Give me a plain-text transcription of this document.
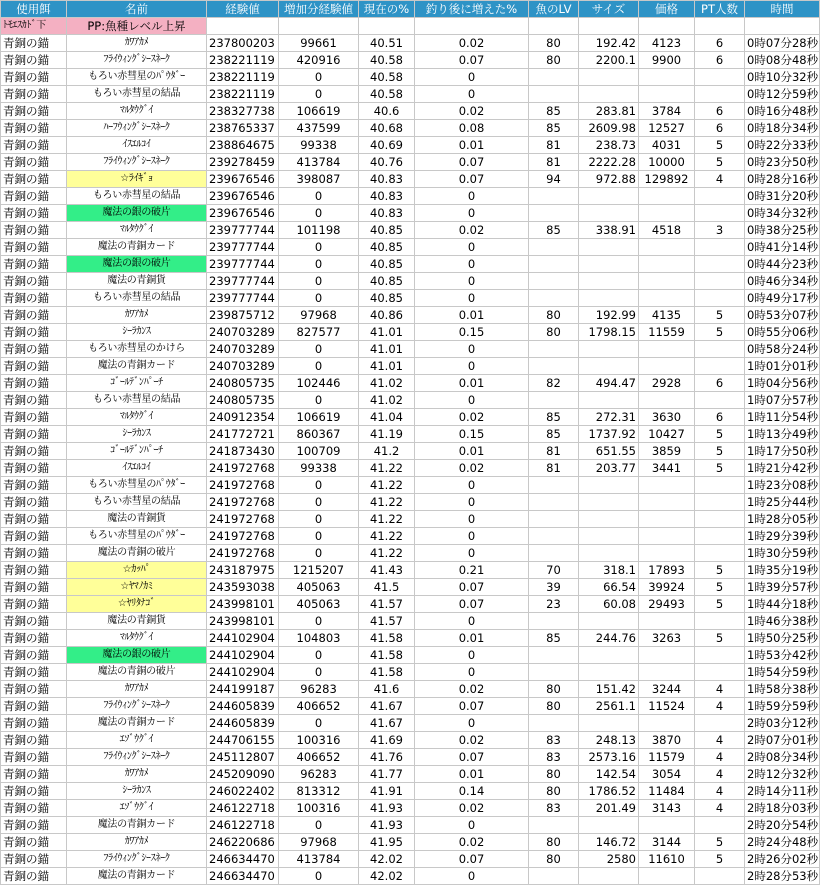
使用餌	名前	経験値	増加分経験値	現在の%	釣り後に増えた%	魚のLV	サイズ	価格	PT人数	時間
ﾄﾓｴｽｶﾄﾞ下	PP:魚種レベル上昇									
青銅の錨	ｶﾜｱｶﾒ	237800203	99661	40.51	0.02	80	192.42	4123	6	0時07分28秒
青銅の錨	ﾌﾗｲｳｨﾝｸﾞｼｰｽﾈｰｸ	238221119	420916	40.58	0.07	80	2200.1	9900	6	0時08分48秒
青銅の錨	もろい赤彗星のﾊﾟｳﾀﾞｰ	238221119	0	40.58	0					0時10分32秒
青銅の錨	もろい赤彗星の結晶	238221119	0	40.58	0					0時12分59秒
青銅の錨	ﾏﾙﾀｳｸﾞｲ	238327738	106619	40.6	0.02	85	283.81	3784	6	0時16分48秒
青銅の錨	ﾊｰﾌｳｨﾝｸﾞｼｰｽﾈｰｸ	238765337	437599	40.68	0.08	85	2609.98	12527	6	0時18分34秒
青銅の錨	ｲｽｴﾙｺｲ	238864675	99338	40.69	0.01	81	238.73	4031	5	0時22分33秒
青銅の錨	ﾌﾗｲｳｨﾝｸﾞｼｰｽﾈｰｸ	239278459	413784	40.76	0.07	81	2222.28	10000	5	0時23分50秒
青銅の錨	☆ﾗｲｷﾞｮ	239676546	398087	40.83	0.07	94	972.88	129892	4	0時28分16秒
青銅の錨	もろい赤彗星の結晶	239676546	0	40.83	0					0時31分20秒
青銅の錨	魔法の銀の破片	239676546	0	40.83	0					0時34分32秒
青銅の錨	ﾏﾙﾀｳｸﾞｲ	239777744	101198	40.85	0.02	85	338.91	4518	3	0時38分25秒
青銅の錨	魔法の青銅カード	239777744	0	40.85	0					0時41分14秒
青銅の錨	魔法の銀の破片	239777744	0	40.85	0					0時44分23秒
青銅の錨	魔法の青銅貨	239777744	0	40.85	0					0時46分34秒
青銅の錨	もろい赤彗星の結晶	239777744	0	40.85	0					0時49分17秒
青銅の錨	ｶﾜｱｶﾒ	239875712	97968	40.86	0.01	80	192.99	4135	5	0時53分07秒
青銅の錨	ｼｰﾗｶﾝｽ	240703289	827577	41.01	0.15	80	1798.15	11559	5	0時55分06秒
青銅の錨	もろい赤彗星のかけら	240703289	0	41.01	0					0時58分24秒
青銅の錨	魔法の青銅カード	240703289	0	41.01	0					1時01分01秒
青銅の錨	ｺﾞｰﾙﾃﾞﾝﾊﾟｰﾁ	240805735	102446	41.02	0.01	82	494.47	2928	6	1時04分56秒
青銅の錨	もろい赤彗星の結晶	240805735	0	41.02	0					1時07分57秒
青銅の錨	ﾏﾙﾀｳｸﾞｲ	240912354	106619	41.04	0.02	85	272.31	3630	6	1時11分54秒
青銅の錨	ｼｰﾗｶﾝｽ	241772721	860367	41.19	0.15	85	1737.92	10427	5	1時13分49秒
青銅の錨	ｺﾞｰﾙﾃﾞﾝﾊﾟｰﾁ	241873430	100709	41.2	0.01	81	651.55	3859	5	1時17分50秒
青銅の錨	ｲｽｴﾙｺｲ	241972768	99338	41.22	0.02	81	203.77	3441	5	1時21分42秒
青銅の錨	もろい赤彗星のﾊﾟｳﾀﾞｰ	241972768	0	41.22	0					1時23分08秒
青銅の錨	もろい赤彗星の結晶	241972768	0	41.22	0					1時25分44秒
青銅の錨	魔法の青銅貨	241972768	0	41.22	0					1時28分05秒
青銅の錨	もろい赤彗星のﾊﾟｳﾀﾞｰ	241972768	0	41.22	0					1時29分39秒
青銅の錨	魔法の青銅の破片	241972768	0	41.22	0					1時30分59秒
青銅の錨	☆ｶｯﾊﾟ	243187975	1215207	41.43	0.21	70	318.1	17893	5	1時35分19秒
青銅の錨	☆ﾔﾏﾉｶﾐ	243593038	405063	41.5	0.07	39	66.54	39924	5	1時39分57秒
青銅の錨	☆ﾔﾘﾀﾅｺﾞ	243998101	405063	41.57	0.07	23	60.08	29493	5	1時44分18秒
青銅の錨	魔法の青銅貨	243998101	0	41.57	0					1時46分38秒
青銅の錨	ﾏﾙﾀｳｸﾞｲ	244102904	104803	41.58	0.01	85	244.76	3263	5	1時50分25秒
青銅の錨	魔法の銀の破片	244102904	0	41.58	0					1時53分42秒
青銅の錨	魔法の青銅の破片	244102904	0	41.58	0					1時54分59秒
青銅の錨	ｶﾜｱｶﾒ	244199187	96283	41.6	0.02	80	151.42	3244	4	1時58分38秒
青銅の錨	ﾌﾗｲｳｨﾝｸﾞｼｰｽﾈｰｸ	244605839	406652	41.67	0.07	80	2561.1	11524	4	1時59分59秒
青銅の錨	魔法の青銅カード	244605839	0	41.67	0					2時03分12秒
青銅の錨	ｴｿﾞｳｸﾞｲ	244706155	100316	41.69	0.02	83	248.13	3870	4	2時07分01秒
青銅の錨	ﾌﾗｲｳｨﾝｸﾞｼｰｽﾈｰｸ	245112807	406652	41.76	0.07	83	2573.16	11579	4	2時08分34秒
青銅の錨	ｶﾜｱｶﾒ	245209090	96283	41.77	0.01	80	142.54	3054	4	2時12分32秒
青銅の錨	ｼｰﾗｶﾝｽ	246022402	813312	41.91	0.14	80	1786.52	11484	4	2時14分11秒
青銅の錨	ｴｿﾞｳｸﾞｲ	246122718	100316	41.93	0.02	83	201.49	3143	4	2時18分03秒
青銅の錨	魔法の青銅カード	246122718	0	41.93	0					2時20分54秒
青銅の錨	ｶﾜｱｶﾒ	246220686	97968	41.95	0.02	80	146.72	3144	5	2時24分48秒
青銅の錨	ﾌﾗｲｳｨﾝｸﾞｼｰｽﾈｰｸ	246634470	413784	42.02	0.07	80	2580	11610	5	2時26分02秒
青銅の錨	魔法の青銅カード	246634470	0	42.02	0					2時28分53秒
